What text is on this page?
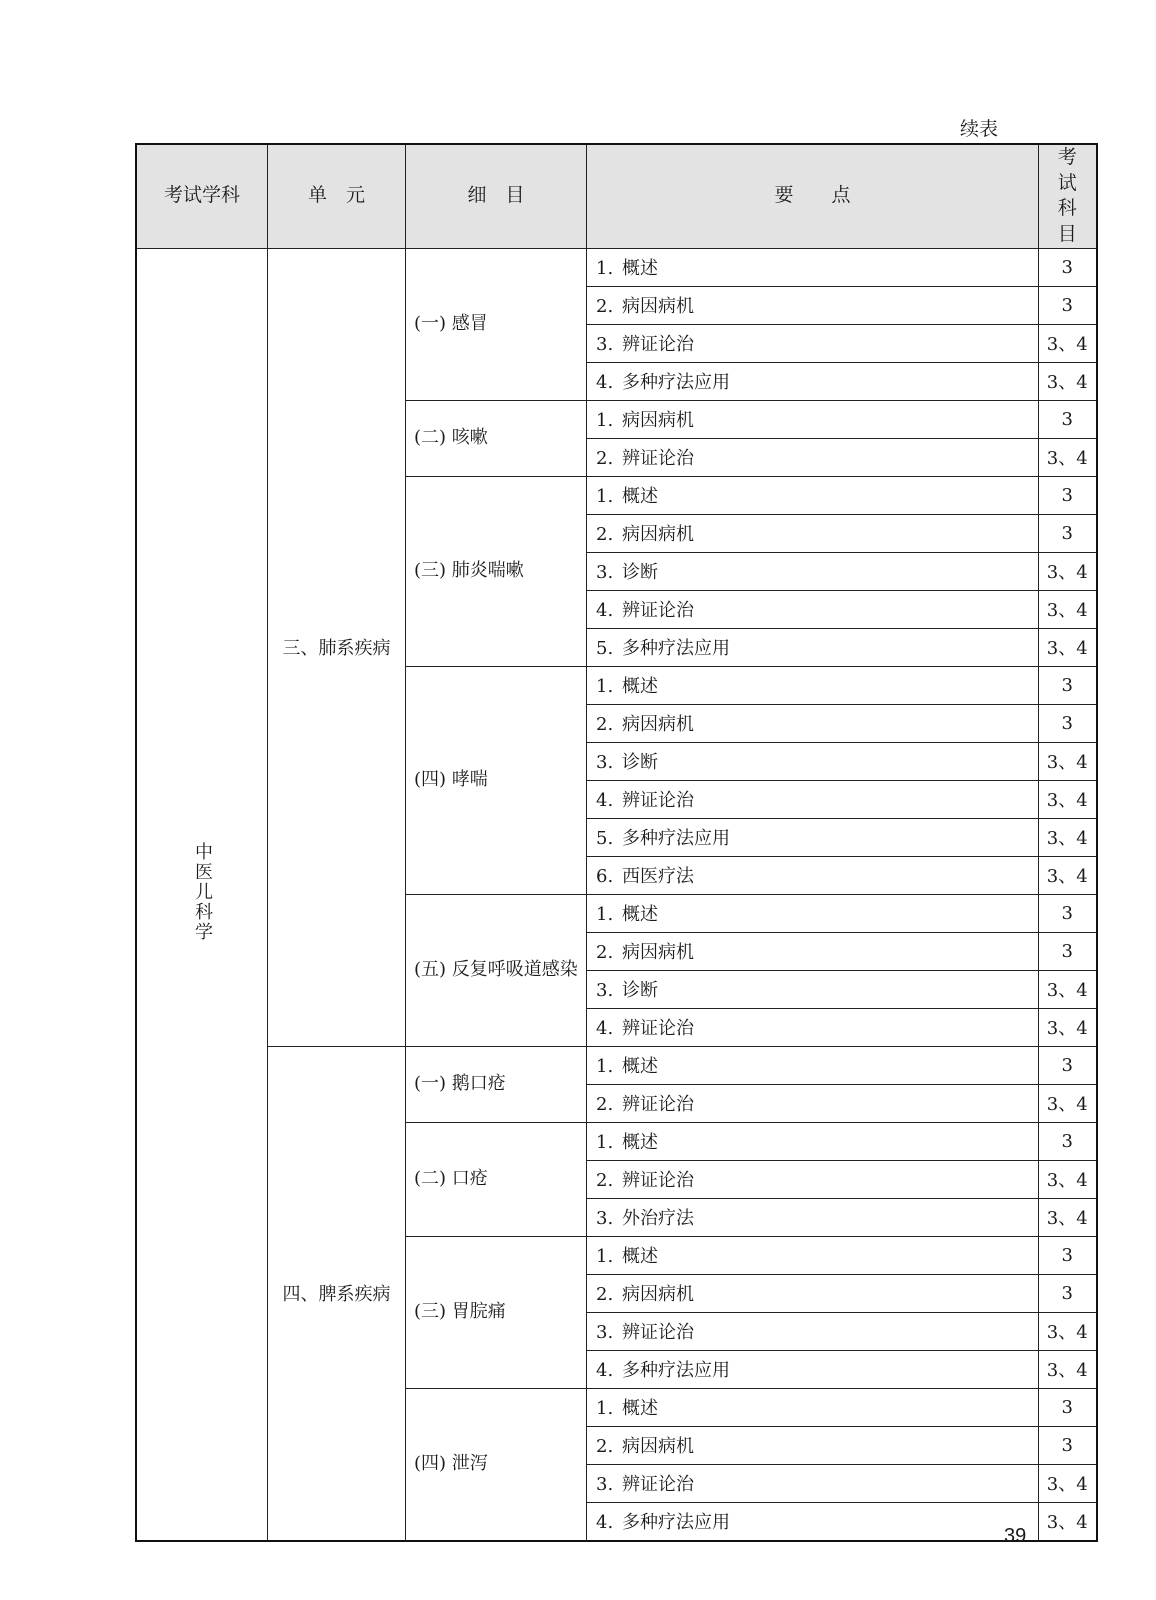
续表
考试学科	单　元	细　目	要　　点	考试科目
中医儿科学	三、肺系疾病	(一) 感冒	1. 概述	3
			2. 病因病机	3
			3. 辨证论治	3、4
			4. 多种疗法应用	3、4
		(二) 咳嗽	1. 病因病机	3
			2. 辨证论治	3、4
		(三) 肺炎喘嗽	1. 概述	3
			2. 病因病机	3
			3. 诊断	3、4
			4. 辨证论治	3、4
			5. 多种疗法应用	3、4
		(四) 哮喘	1. 概述	3
			2. 病因病机	3
			3. 诊断	3、4
			4. 辨证论治	3、4
			5. 多种疗法应用	3、4
			6. 西医疗法	3、4
		(五) 反复呼吸道感染	1. 概述	3
			2. 病因病机	3
			3. 诊断	3、4
			4. 辨证论治	3、4
	四、脾系疾病	(一) 鹅口疮	1. 概述	3
			2. 辨证论治	3、4
		(二) 口疮	1. 概述	3
			2. 辨证论治	3、4
			3. 外治疗法	3、4
		(三) 胃脘痛	1. 概述	3
			2. 病因病机	3
			3. 辨证论治	3、4
			4. 多种疗法应用	3、4
		(四) 泄泻	1. 概述	3
			2. 病因病机	3
			3. 辨证论治	3、4
			4. 多种疗法应用	3、4
39
